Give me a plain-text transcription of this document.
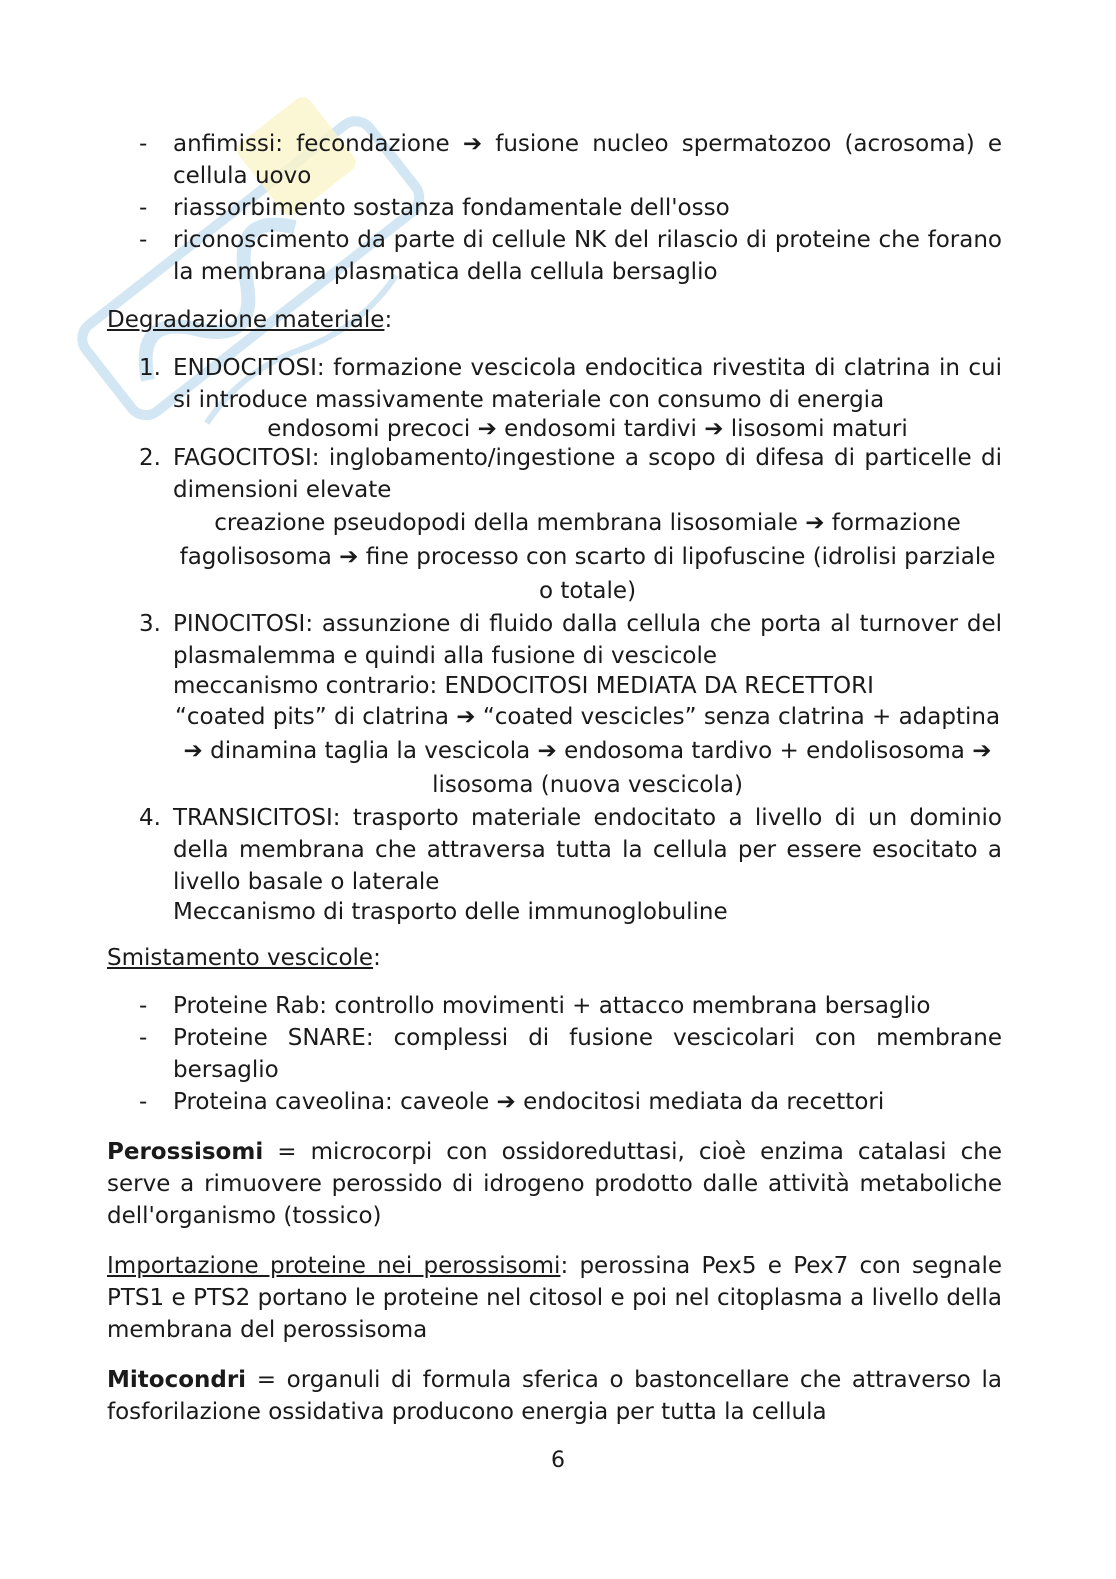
- anfimissi: fecondazione ➔ fusione nucleo spermatozoo (acrosoma) e cellula uovo
- riassorbimento sostanza fondamentale dell'osso
- riconoscimento da parte di cellule NK del rilascio di proteine che forano la membrana plasmatica della cellula bersaglio

Degradazione materiale:

1. ENDOCITOSI: formazione vescicola endocitica rivestita di clatrina in cui si introduce massivamente materiale con consumo di energia
endosomi precoci ➔ endosomi tardivi ➔ lisosomi maturi
2. FAGOCITOSI: inglobamento/ingestione a scopo di difesa di particelle di dimensioni elevate
creazione pseudopodi della membrana lisosomiale ➔ formazione fagolisosoma ➔ fine processo con scarto di lipofuscine (idrolisi parziale o totale)
3. PINOCITOSI: assunzione di fluido dalla cellula che porta al turnover del plasmalemma e quindi alla fusione di vescicole
meccanismo contrario: ENDOCITOSI MEDIATA DA RECETTORI
“coated pits” di clatrina ➔ “coated vescicles” senza clatrina + adaptina ➔ dinamina taglia la vescicola ➔ endosoma tardivo + endolisosoma ➔ lisosoma (nuova vescicola)
4. TRANSICITOSI: trasporto materiale endocitato a livello di un dominio della membrana che attraversa tutta la cellula per essere esocitato a livello basale o laterale
Meccanismo di trasporto delle immunoglobuline

Smistamento vescicole:

- Proteine Rab: controllo movimenti + attacco membrana bersaglio
- Proteine SNARE: complessi di fusione vescicolari con membrane bersaglio
- Proteina caveolina: caveole ➔ endocitosi mediata da recettori

Perossisomi = microcorpi con ossidoreduttasi, cioè enzima catalasi che serve a rimuovere perossido di idrogeno prodotto dalle attività metaboliche dell'organismo (tossico)

Importazione proteine nei perossisomi: perossina Pex5 e Pex7 con segnale PTS1 e PTS2 portano le proteine nel citosol e poi nel citoplasma a livello della membrana del perossisoma

Mitocondri = organuli di formula sferica o bastoncellare che attraverso la fosforilazione ossidativa producono energia per tutta la cellula

6
